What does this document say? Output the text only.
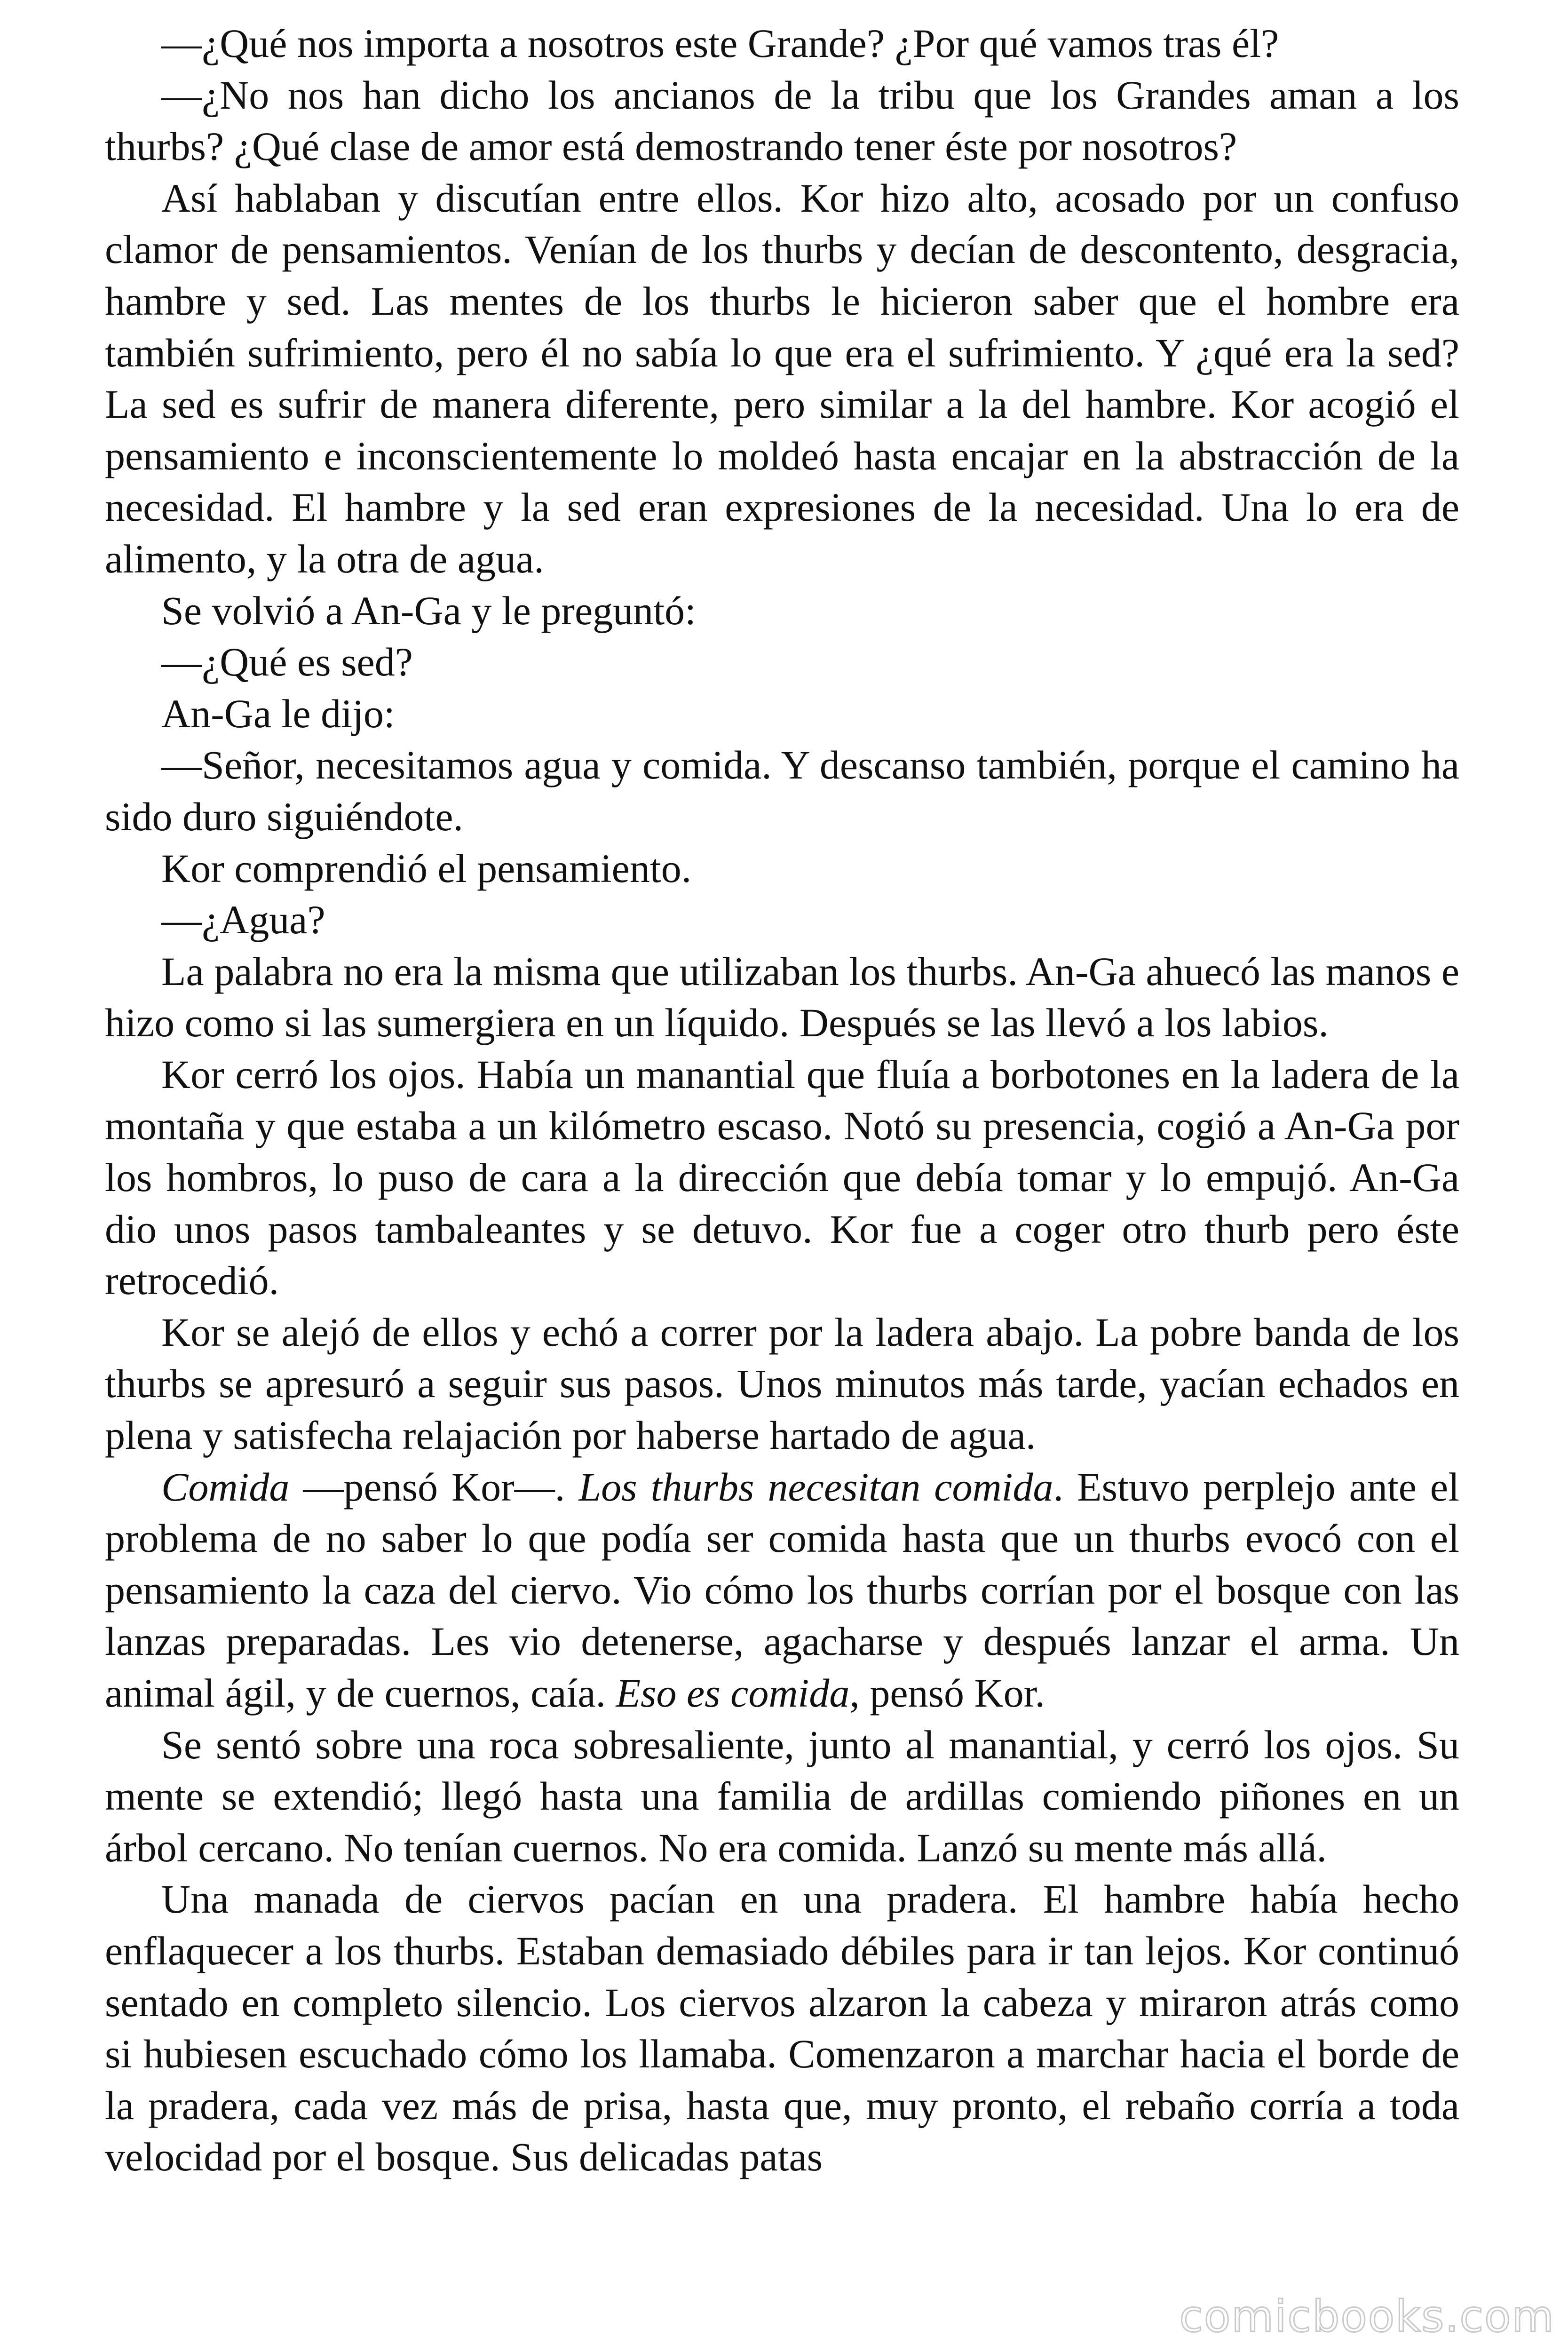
—¿Qué nos importa a nosotros este Grande? ¿Por qué vamos tras él?

—¿No nos han dicho los ancianos de la tribu que los Grandes aman a los thurbs? ¿Qué clase de amor está demostrando tener éste por nosotros?

Así hablaban y discutían entre ellos. Kor hizo alto, acosado por un confuso clamor de pensamientos. Venían de los thurbs y decían de descontento, desgracia, hambre y sed. Las mentes de los thurbs le hicieron saber que el hombre era también sufrimiento, pero él no sabía lo que era el sufrimiento. Y ¿qué era la sed? La sed es sufrir de manera diferente, pero similar a la del hambre. Kor acogió el pensamiento e inconscientemente lo moldeó hasta encajar en la abstracción de la necesidad. El hambre y la sed eran expresiones de la necesidad. Una lo era de alimento, y la otra de agua.

Se volvió a An-Ga y le preguntó:

—¿Qué es sed?

An-Ga le dijo:

—Señor, necesitamos agua y comida. Y descanso también, porque el camino ha sido duro siguiéndote.

Kor comprendió el pensamiento.

—¿Agua?

La palabra no era la misma que utilizaban los thurbs. An-Ga ahuecó las manos e hizo como si las sumergiera en un líquido. Después se las llevó a los labios.

Kor cerró los ojos. Había un manantial que fluía a borbotones en la ladera de la montaña y que estaba a un kilómetro escaso. Notó su presencia, cogió a An-Ga por los hombros, lo puso de cara a la dirección que debía tomar y lo empujó. An-Ga dio unos pasos tambaleantes y se detuvo. Kor fue a coger otro thurb pero éste retrocedió.

Kor se alejó de ellos y echó a correr por la ladera abajo. La pobre banda de los thurbs se apresuró a seguir sus pasos. Unos minutos más tarde, yacían echados en plena y satisfecha relajación por haberse hartado de agua.

Comida —pensó Kor—. Los thurbs necesitan comida. Estuvo perplejo ante el problema de no saber lo que podía ser comida hasta que un thurbs evocó con el pensamiento la caza del ciervo. Vio cómo los thurbs corrían por el bosque con las lanzas preparadas. Les vio detenerse, agacharse y después lanzar el arma. Un animal ágil, y de cuernos, caía. Eso es comida, pensó Kor.

Se sentó sobre una roca sobresaliente, junto al manantial, y cerró los ojos. Su mente se extendió; llegó hasta una familia de ardillas comiendo piñones en un árbol cercano. No tenían cuernos. No era comida. Lanzó su mente más allá.

Una manada de ciervos pacían en una pradera. El hambre había hecho enflaquecer a los thurbs. Estaban demasiado débiles para ir tan lejos. Kor continuó sentado en completo silencio. Los ciervos alzaron la cabeza y miraron atrás como si hubiesen escuchado cómo los llamaba. Comenzaron a marchar hacia el borde de la pradera, cada vez más de prisa, hasta que, muy pronto, el rebaño corría a toda velocidad por el bosque. Sus delicadas patas

comicbooks.com
